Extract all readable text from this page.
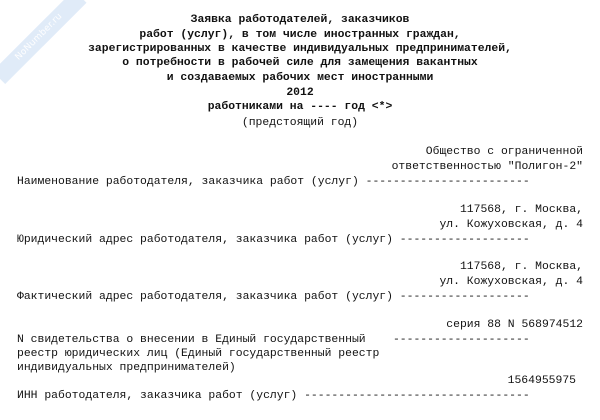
NoNumber.ru	Заявка работодателей, заказчиков
работ (услуг), в том числе иностранных граждан,
зарегистрированных в качестве индивидуальных предпринимателей,
о потребности в рабочей силе для замещения вакантных
и создаваемых рабочих мест иностранными
2012
работниками на ---- год <*>
(предстоящий год)
Общество с ограниченной
ответственностью "Полигон-2"
Наименование работодателя, заказчика работ (услуг) ------------------------
117568, г. Москва,
ул. Кожуховская, д. 4
Юридический адрес работодателя, заказчика работ (услуг) -------------------
117568, г. Москва,
ул. Кожуховская, д. 4
Фактический адрес работодателя, заказчика работ (услуг) -------------------
серия 88 N 568974512
N свидетельства о внесении в Единый государственный    --------------------
реестр юридических лиц (Единый государственный реестр
индивидуальных предпринимателей)
1564955975
ИНН работодателя, заказчика работ (услуг) ---------------------------------
